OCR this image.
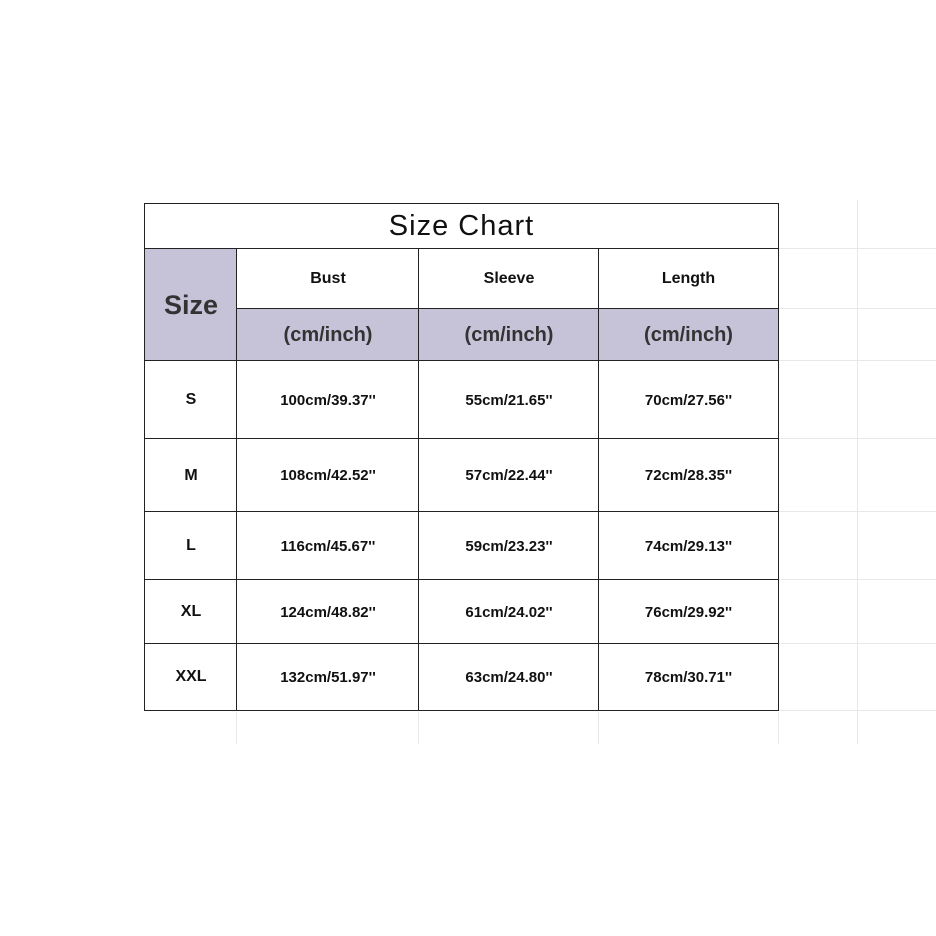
Size Chart
Size
Bust	Sleeve	Length
(cm/inch)	(cm/inch)	(cm/inch)
S	100cm/39.37''	55cm/21.65''	70cm/27.56''
M	108cm/42.52''	57cm/22.44''	72cm/28.35''
L	116cm/45.67''	59cm/23.23''	74cm/29.13''
XL	124cm/48.82''	61cm/24.02''	76cm/29.92''
XXL	132cm/51.97''	63cm/24.80''	78cm/30.71''
